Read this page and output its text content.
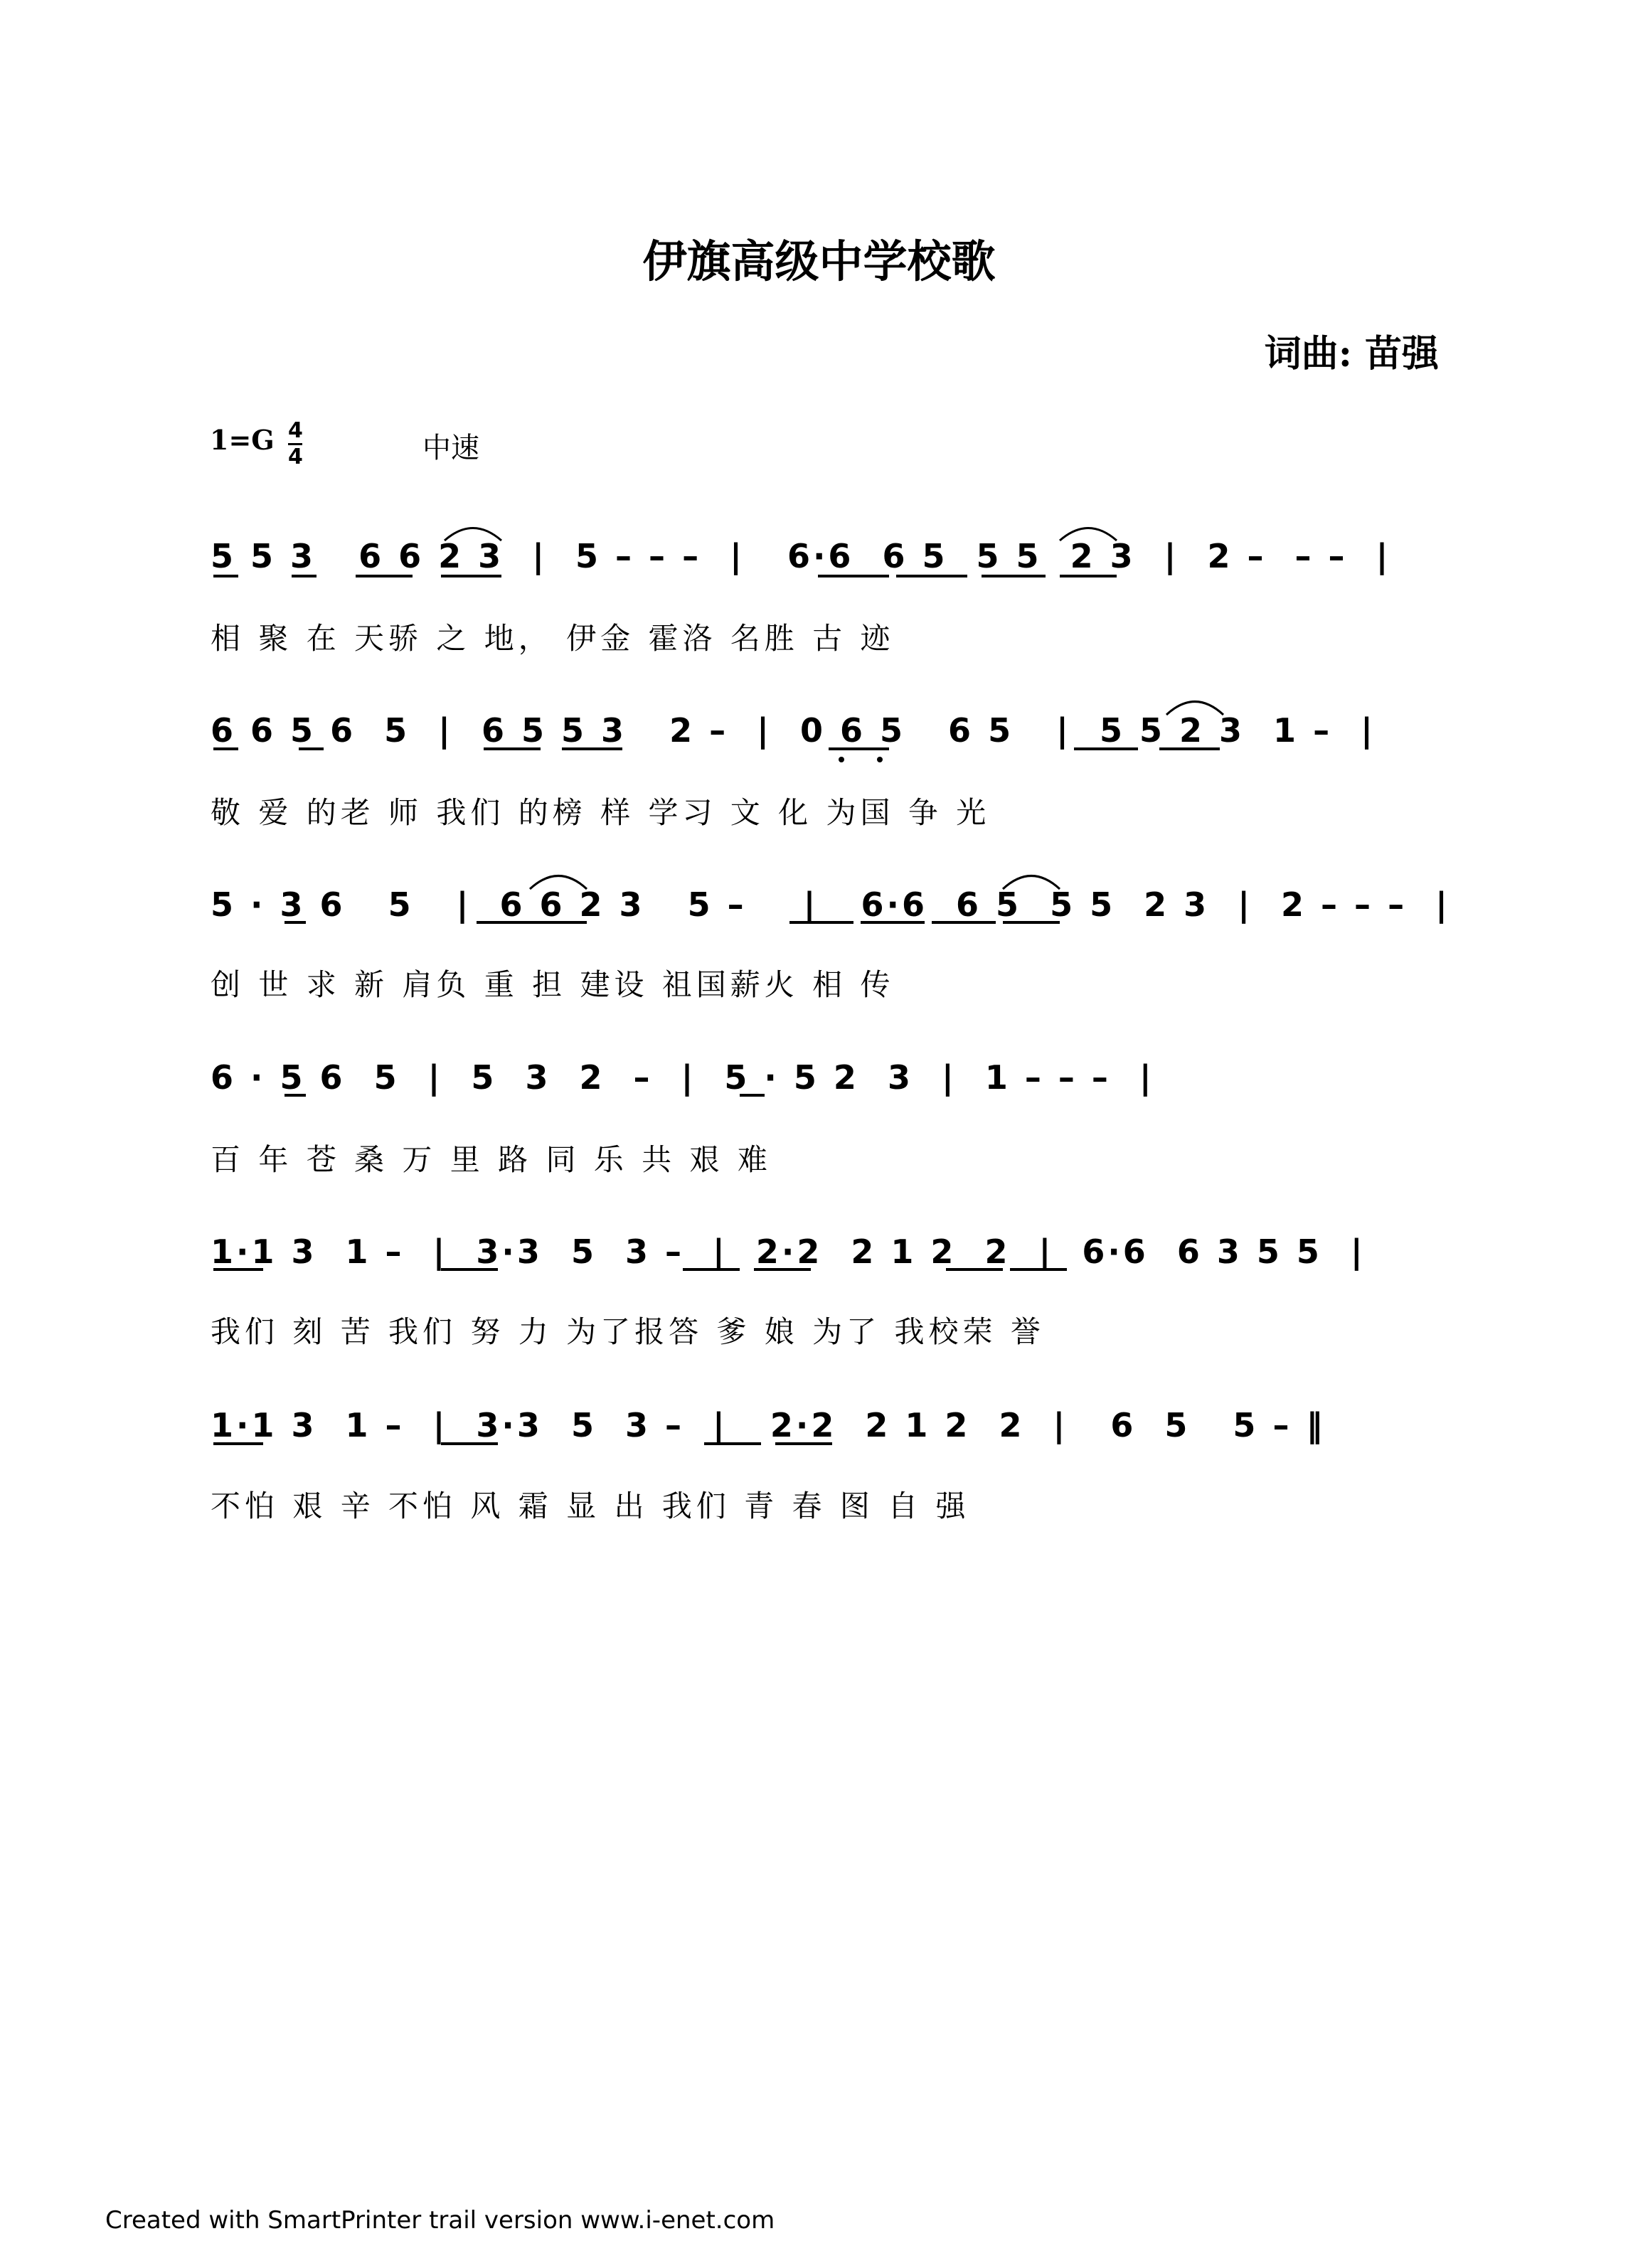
伊旗高级中学校歌
词曲: 苗强
1=G 4
4	中速
5 5 3   6 6 2 3  |  5 – – –  |   6·6  6 5  5 5  2 3  |  2 –  – –  |
相 聚 在 天骄 之 地， 伊金 霍洛 名胜 古 迹
6 6 5 6  5  |  6 5 5 3   2 –  |  0 6 5   6 5   |  5 5 2 3  1 –  |
敬 爱 的老 师 我们 的榜 样 学习 文 化 为国 争 光
5 · 3 6   5   |  6 6 2 3   5 –    |   6·6  6 5  5 5  2 3  |  2 – – –  |
创 世 求 新 肩负 重 担 建设 祖国薪火 相 传
6 · 5 6  5  |  5  3  2  –  |  5 · 5 2  3  |  1 – – –  |
百 年 苍 桑 万 里 路 同 乐 共 艰 难
1·1 3  1 –  |  3·3  5  3 –  |  2·2  2 1 2  2  |  6·6  6 3 5 5  |
我们 刻 苦 我们 努 力 为了报答 爹 娘 为了 我校荣 誉
1·1 3  1 –  |  3·3  5  3 –  |   2·2  2 1 2  2  |   6  5   5 – ‖
不怕 艰 辛 不怕 风 霜 显 出 我们 青 春 图 自 强
Created with SmartPrinter trail version www.i-enet.com
